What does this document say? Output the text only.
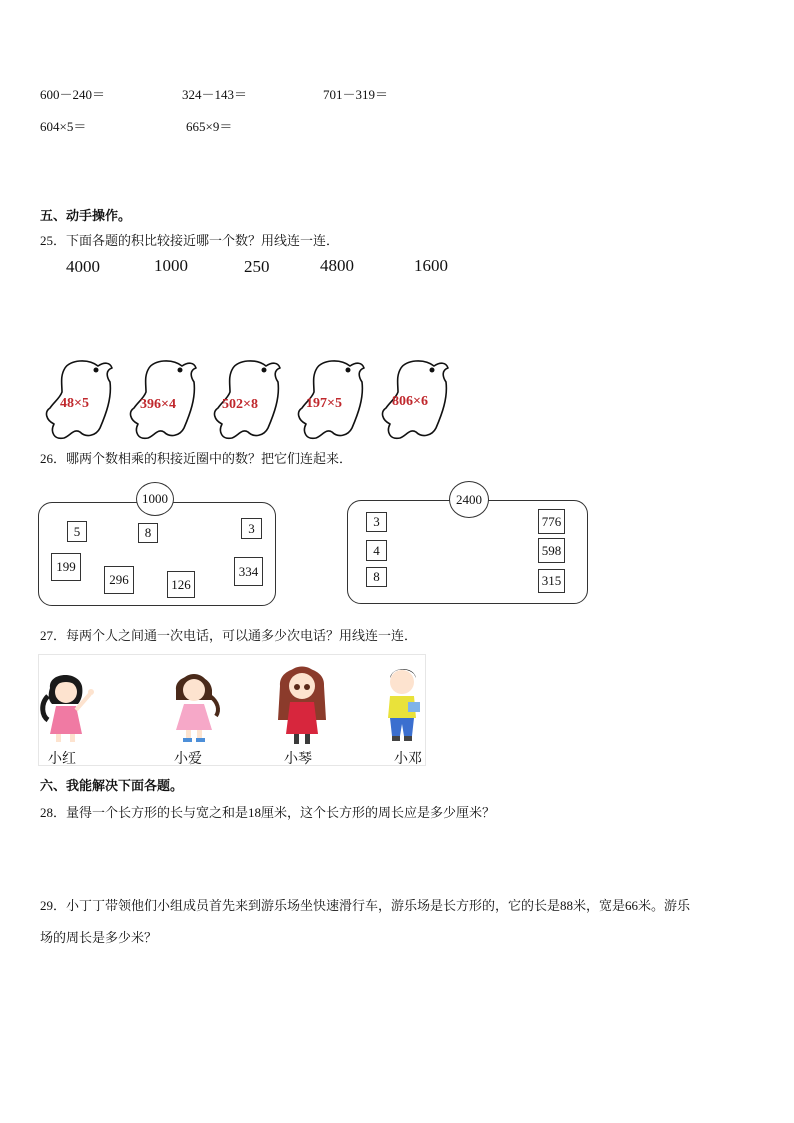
600－240＝	324－143＝	701－319＝
604×5＝	665×9＝
五、动手操作。
25．下面各题的积比较接近哪一个数？用线连一连．
4000	1000	250	4800	1600
48×5	396×4	502×8	197×5	806×6
26．哪两个数相乘的积接近圈中的数？把它们连起来．
1000
5	8	3
199
296	126
334
2400
3
4
8
776
598
315
27．每两个人之间通一次电话，可以通多少次电话？用线连一连．
小红	小爱	小琴	小邓
六、我能解决下面各题。
28．量得一个长方形的长与宽之和是18厘米，这个长方形的周长应是多少厘米？
29．小丁丁带领他们小组成员首先来到游乐场坐快速滑行车，游乐场是长方形的，它的长是88米，宽是66米。游乐
场的周长是多少米？
